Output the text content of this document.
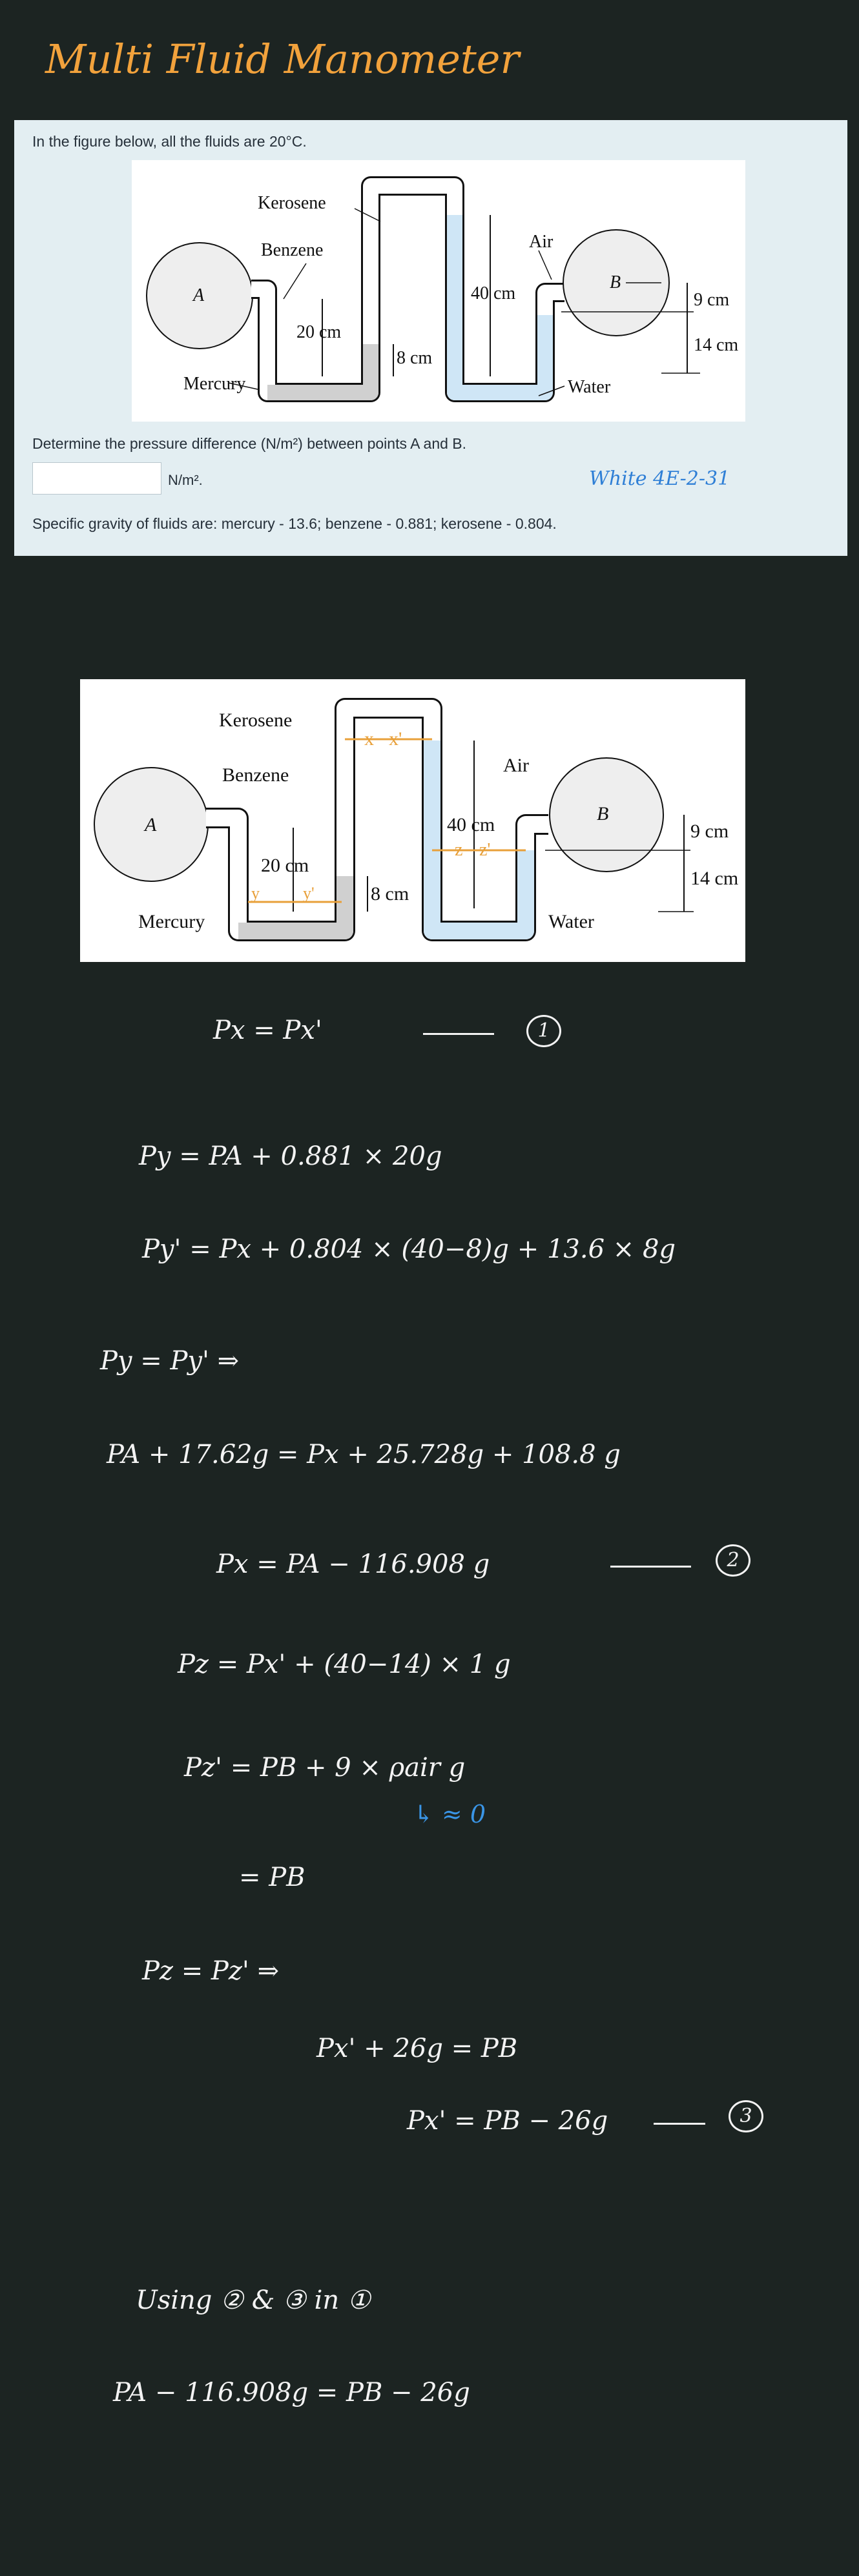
Multi Fluid Manometer
In the figure below, all the fluids are 20°C.
Kerosene
Benzene
Mercury	Water
Air
A
B
20 cm
8 cm
40 cm	9 cm
14 cm
Determine the pressure difference (N/m²) between points A and B.
N/m².	White 4E-2-31
Specific gravity of fluids are: mercury - 13.6; benzene - 0.881; kerosene - 0.804.
Kerosene
Benzene
Mercury	Water
Air
A
B
20 cm
8 cm
40 cm	9 cm
14 cm
x x'
y	y'
z z'
Px = Px'	1
Py = PA + 0.881 × 20g
Py' = Px + 0.804 × (40−8)g + 13.6 × 8g
Py = Py' ⇒
PA + 17.62g = Px + 25.728g + 108.8 g
Px = PA − 116.908 g	2
Pz = Px' + (40−14) × 1 g
Pz' = PB + 9 × ρair g
↳ ≈ 0
= PB
Pz = Pz' ⇒
Px' + 26g = PB
Px' = PB − 26g	3
Using ② & ③ in ①
PA − 116.908g = PB − 26g
